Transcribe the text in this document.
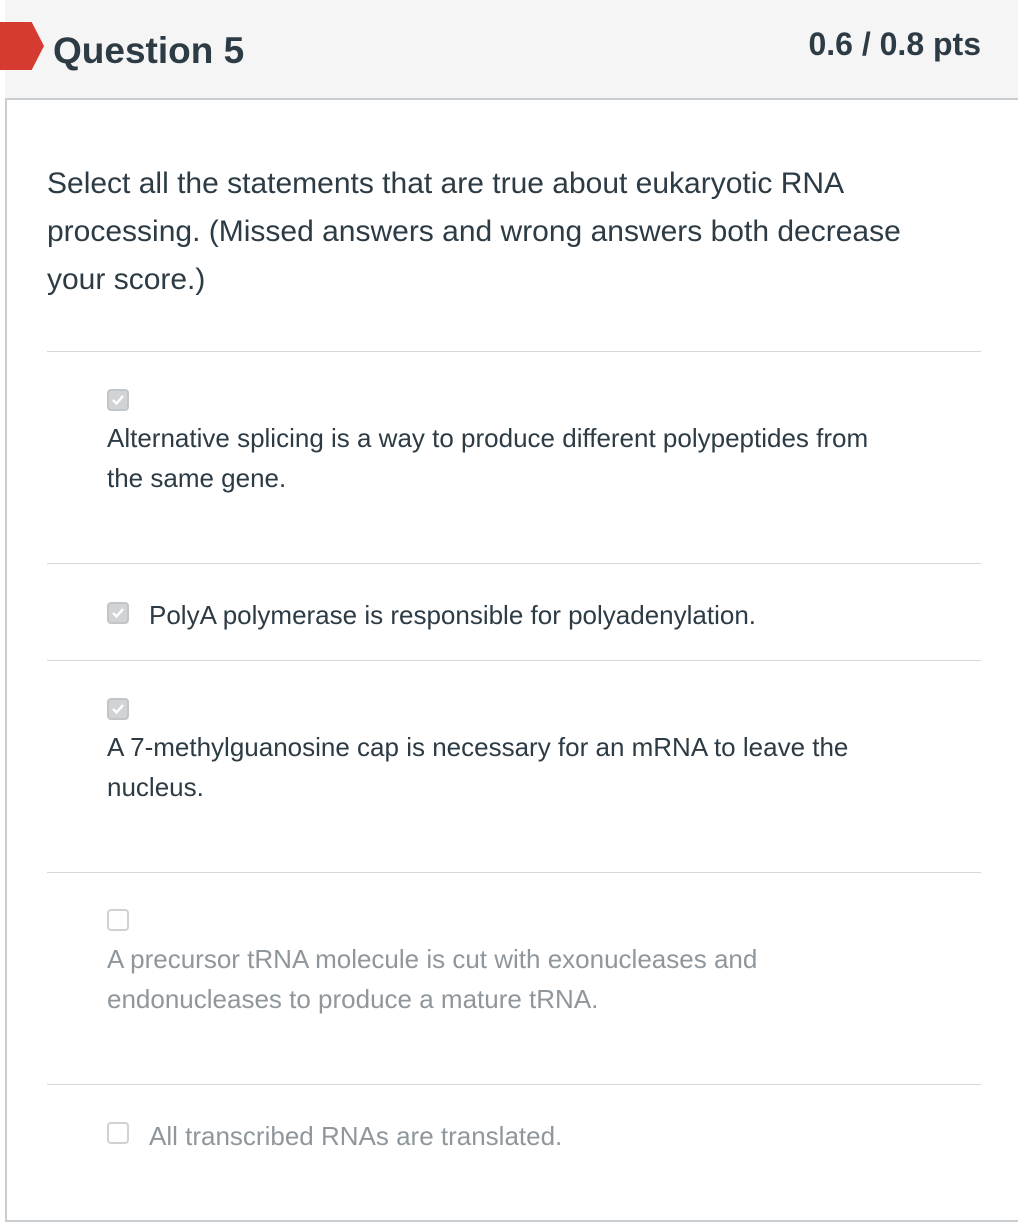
Question 5	0.6 / 0.8 pts
Select all the statements that are true about eukaryotic RNA processing. (Missed answers and wrong answers both decrease your score.)
Alternative splicing is a way to produce different polypeptides from the same gene.
PolyA polymerase is responsible for polyadenylation.
A 7-methylguanosine cap is necessary for an mRNA to leave the nucleus.
A precursor tRNA molecule is cut with exonucleases and endonucleases to produce a mature tRNA.
All transcribed RNAs are translated.
